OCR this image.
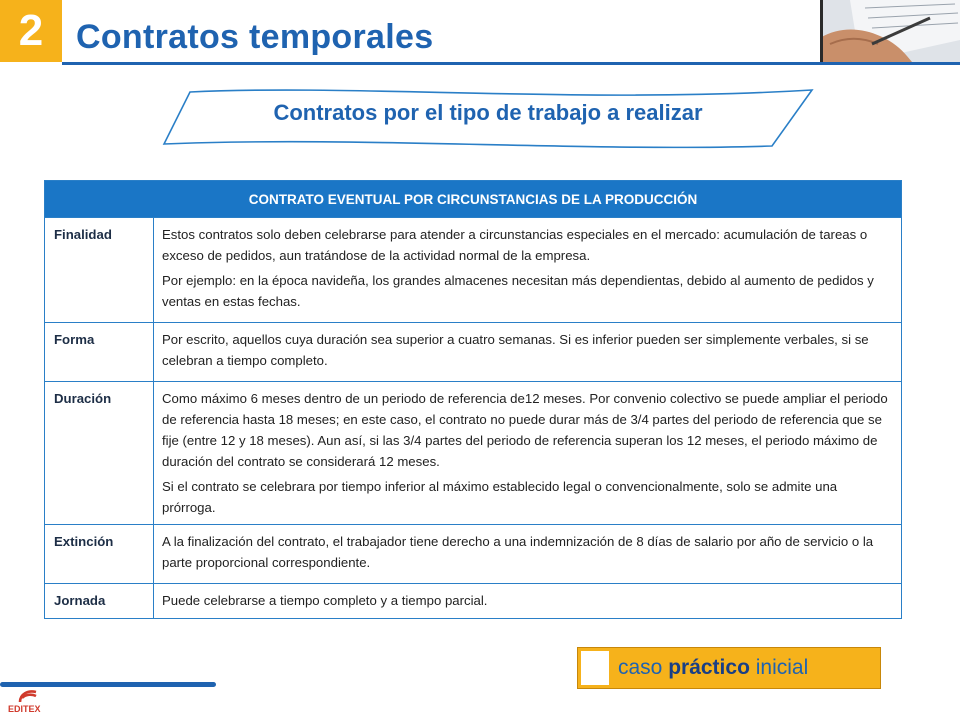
2 Contratos temporales
Contratos por el tipo de trabajo a realizar
CONTRATO EVENTUAL POR CIRCUNSTANCIAS DE LA PRODUCCIÓN	
Finalidad	Estos contratos solo deben celebrarse para atender a circunstancias especiales en el mercado: acumulación de tareas o exceso de pedidos, aun tratándose de la actividad normal de la empresa.

Por ejemplo: en la época navideña, los grandes almacenes necesitan más dependientas, debido al aumento de pedidos y ventas en estas fechas.

Forma	Por escrito, aquellos cuya duración sea superior a cuatro semanas. Si es inferior pueden ser simplemente verbales, si se celebran a tiempo completo.

Duración	Como máximo 6 meses dentro de un periodo de referencia de12 meses. Por convenio colectivo se puede ampliar el periodo de referencia hasta 18 meses; en este caso, el contrato no puede durar más de 3/4 partes del periodo de referencia que se fije (entre 12 y 18 meses). Aun así, si las 3/4 partes del periodo de referencia superan los 12 meses, el periodo máximo de duración del contrato se considerará 12 meses.

Si el contrato se celebrara por tiempo inferior al máximo establecido legal o convencionalmente, solo se admite una prórroga.

Extinción	A la finalización del contrato, el trabajador tiene derecho a una indemnización de 8 días de salario por año de servicio o la parte proporcional correspondiente.

Jornada	Puede celebrarse a tiempo completo y a tiempo parcial.

caso práctico inicial
EDITEX
